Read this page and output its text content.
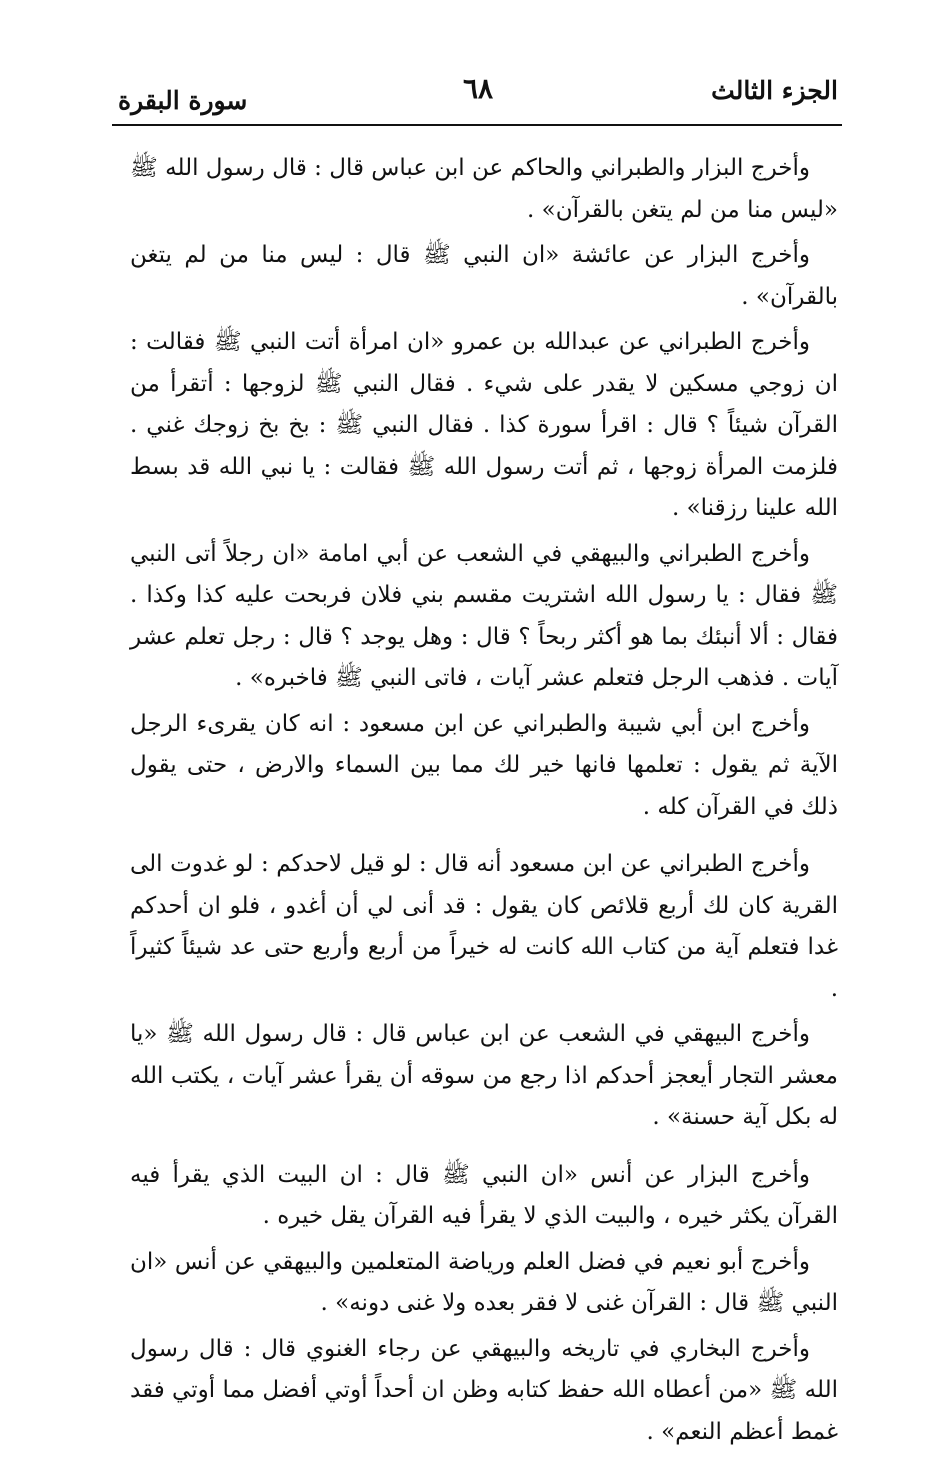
الجزء الثالث
٦٨
سورة البقرة

وأخرج البزار والطبراني والحاكم عن ابن عباس قال : قال رسول الله ﷺ «ليس منا من لم يتغن بالقرآن» .

وأخرج البزار عن عائشة «ان النبي ﷺ قال : ليس منا من لم يتغن بالقرآن» .

وأخرج الطبراني عن عبدالله بن عمرو «ان امرأة أتت النبي ﷺ فقالت : ان زوجي مسكين لا يقدر على شيء . فقال النبي ﷺ لزوجها : أتقرأ من القرآن شيئاً ؟ قال : اقرأ سورة كذا . فقال النبي ﷺ : بخ بخ زوجك غني . فلزمت المرأة زوجها ، ثم أتت رسول الله ﷺ فقالت : يا نبي الله قد بسط الله علينا رزقنا» .

وأخرج الطبراني والبيهقي في الشعب عن أبي امامة «ان رجلاً أتى النبي ﷺ فقال : يا رسول الله اشتريت مقسم بني فلان فربحت عليه كذا وكذا . فقال : ألا أنبئك بما هو أكثر ربحاً ؟ قال : وهل يوجد ؟ قال : رجل تعلم عشر آيات . فذهب الرجل فتعلم عشر آيات ، فاتى النبي ﷺ فاخبره» .

وأخرج ابن أبي شيبة والطبراني عن ابن مسعود : انه كان يقرىء الرجل الآية ثم يقول : تعلمها فانها خير لك مما بين السماء والارض ، حتى يقول ذلك في القرآن كله .

وأخرج الطبراني عن ابن مسعود أنه قال : لو قيل لاحدكم : لو غدوت الى القرية كان لك أربع قلائص كان يقول : قد أنى لي أن أغدو ، فلو ان أحدكم غدا فتعلم آية من كتاب الله كانت له خيراً من أربع وأربع حتى عد شيئاً كثيراً .

وأخرج البيهقي في الشعب عن ابن عباس قال : قال رسول الله ﷺ «يا معشر التجار أيعجز أحدكم اذا رجع من سوقه أن يقرأ عشر آيات ، يكتب الله له بكل آية حسنة» .

وأخرج البزار عن أنس «ان النبي ﷺ قال : ان البيت الذي يقرأ فيه القرآن يكثر خيره ، والبيت الذي لا يقرأ فيه القرآن يقل خيره .

وأخرج أبو نعيم في فضل العلم ورياضة المتعلمين والبيهقي عن أنس «ان النبي ﷺ قال : القرآن غنى لا فقر بعده ولا غنى دونه» .

وأخرج البخاري في تاريخه والبيهقي عن رجاء الغنوي قال : قال رسول الله ﷺ «من أعطاه الله حفظ كتابه وظن ان أحداً أوتي أفضل مما أوتي فقد غمط أعظم النعم» .
